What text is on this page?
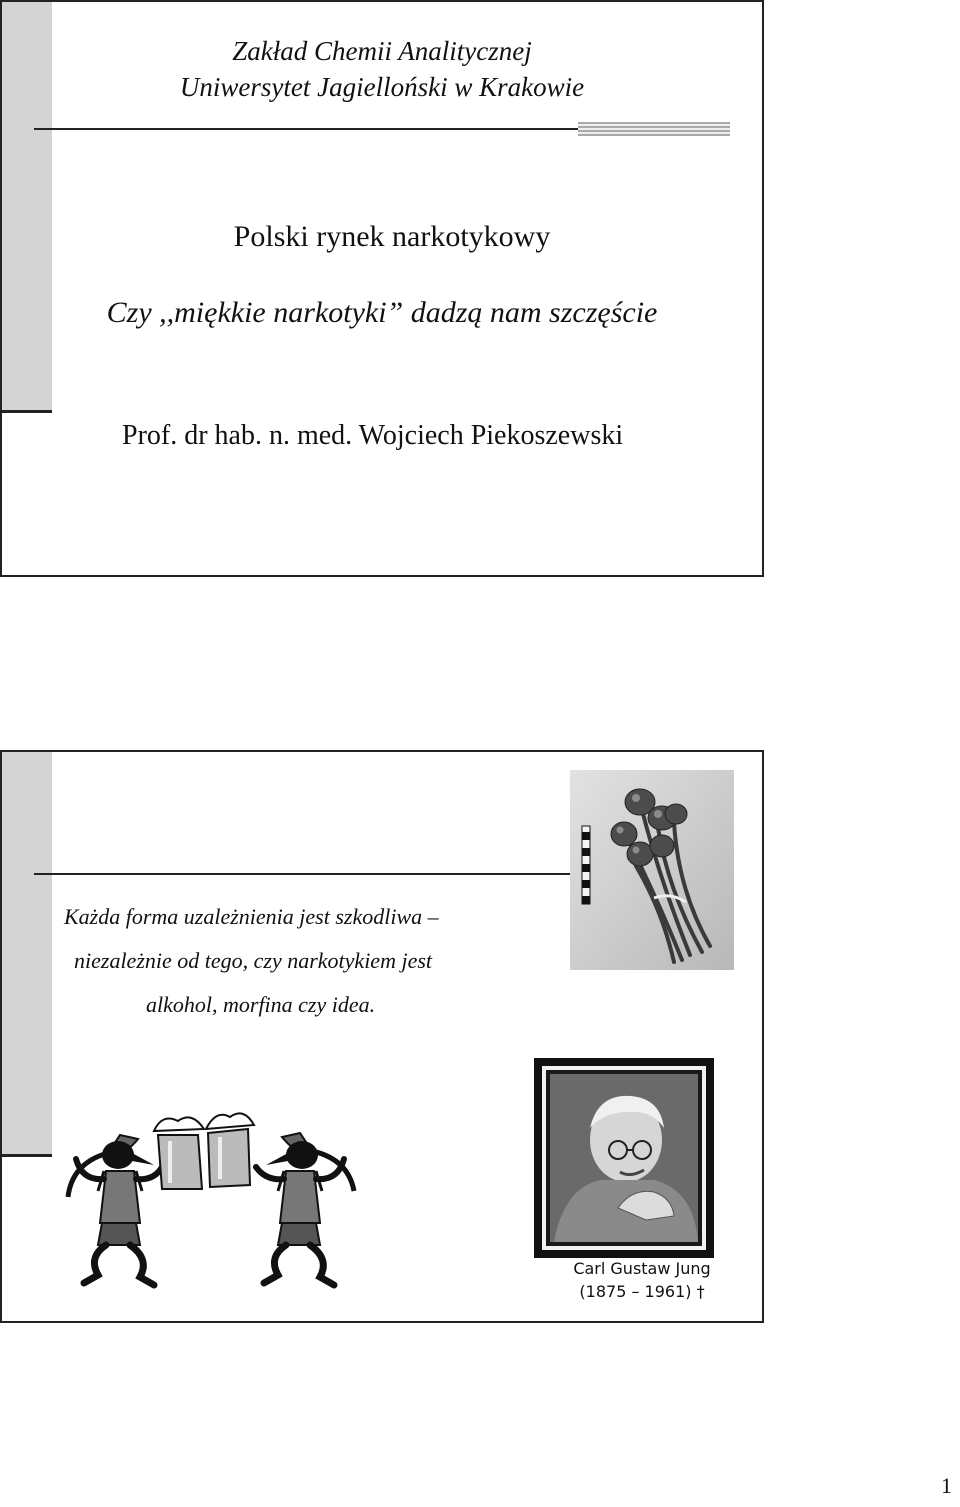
Zakład Chemii Analitycznej

Uniwersytet Jagielloński w Krakowie

Polski rynek narkotykowy

Czy ,,miękkie narkotyki” dadzą nam szczęście

Prof. dr hab. n. med. Wojciech Piekoszewski

Każda forma uzależnienia jest szkodliwa –

niezależnie od tego, czy narkotykiem jest

alkohol, morfina czy idea.

Carl Gustaw Jung
(1875 – 1961) †
1
